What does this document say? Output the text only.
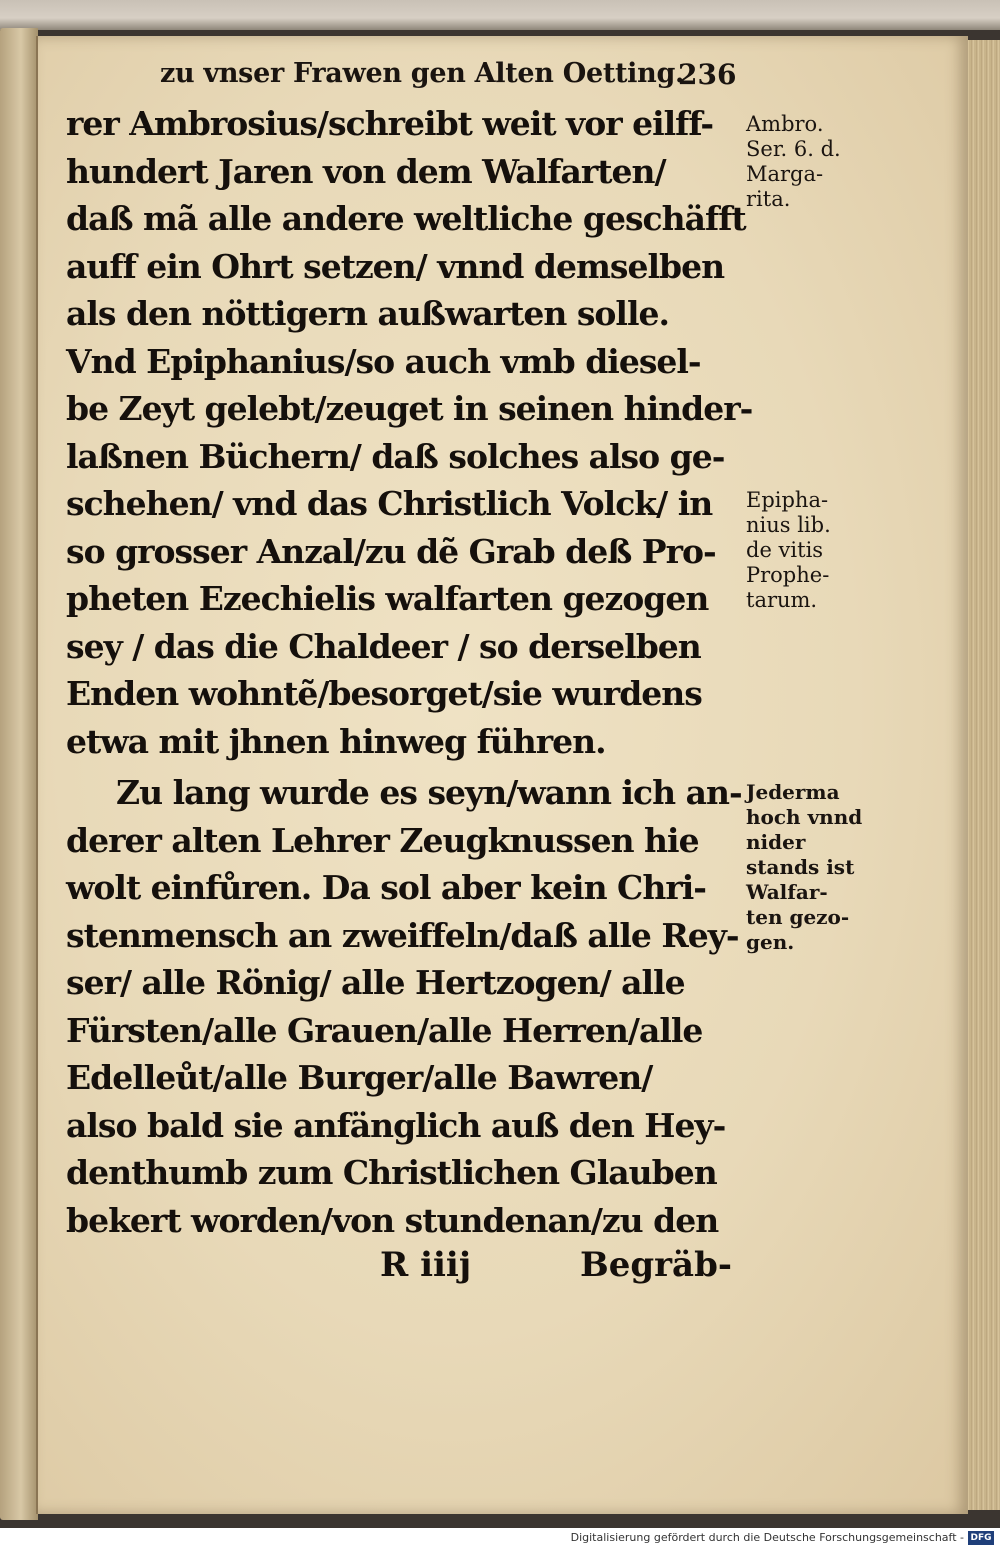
zu vnser Frawen gen Alten Oetting.
236
rer Ambrosius/schreibt weit vor eilff-
hundert Jaren von dem Walfarten/
daß mã alle andere weltliche geschäfft
auff ein Ohrt setzen/ vnnd demselben
als den nöttigern außwarten solle.
Vnd Epiphanius/so auch vmb diesel-
be Zeyt gelebt/zeuget in seinen hinder-
laßnen Büchern/ daß solches also ge-
schehen/ vnd das Christlich Volck/ in
so grosser Anzal/zu dẽ Grab deß Pro-
pheten Ezechielis walfarten gezogen
sey / das die Chaldeer / so derselben
Enden wohntẽ/besorget/sie wurdens
etwa mit jhnen hinweg führen.
Zu lang wurde es seyn/wann ich an-
derer alten Lehrer Zeugknussen hie
wolt einfůren. Da sol aber kein Chri-
stenmensch an zweiffeln/daß alle Rey-
ser/ alle Rönig/ alle Hertzogen/ alle
Fürsten/alle Grauen/alle Herren/alle
Edelleůt/alle Burger/alle Bawren/
also bald sie anfänglich auß den Hey-
denthumb zum Christlichen Glauben
bekert worden/von stundenan/zu den
Ambro.
Ser. 6. d.
Marga-
rita.
Epipha-
nius lib.
de vitis
Prophe-
tarum.
Jederma
hoch vnnd
nider
stands ist
Walfar-
ten gezo-
gen.
R iiij	Begräb-
Digitalisierung gefördert durch die Deutsche Forschungsgemeinschaft - DFG
